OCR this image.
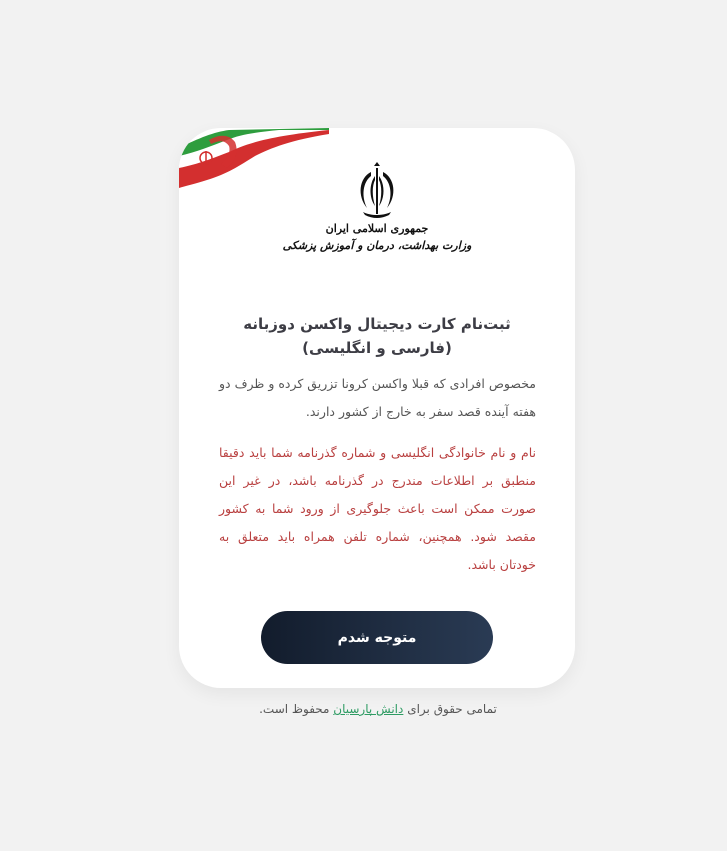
جمهوری اسلامی ایران
وزارت بهداشت، درمان و آموزش پزشکی
ثبت‌نام کارت دیجیتال واکسن دوزبانه (فارسی و انگلیسی)
مخصوص افرادی که قبلا واکسن کرونا تزریق کرده و ظرف دو هفته آینده قصد سفر به خارج از کشور دارند.
نام و نام خانوادگی انگلیسی و شماره گذرنامه شما باید دقیقا منطبق بر اطلاعات مندرج در گذرنامه باشد، در غیر این صورت ممکن است باعث جلوگیری از ورود شما به کشور مقصد شود. همچنین، شماره تلفن همراه باید متعلق به خودتان باشد.
متوجه شدم
تمامی حقوق برای دانش پارسیان محفوظ است.
